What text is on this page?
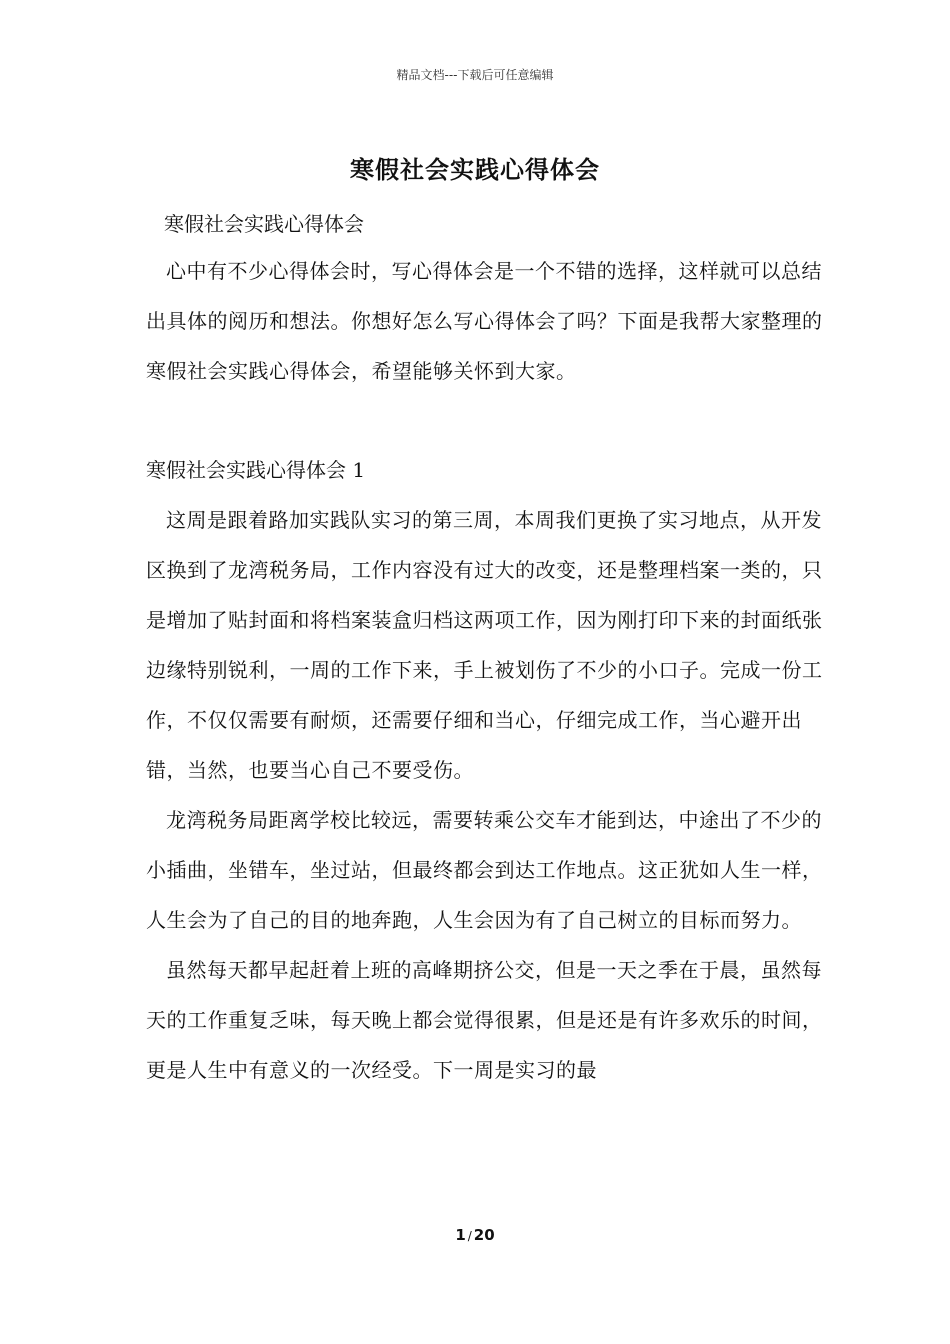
精品文档---下载后可任意编辑
寒假社会实践心得体会
寒假社会实践心得体会

心中有不少心得体会时，写心得体会是一个不错的选择，这样就可以总结出具体的阅历和想法。你想好怎么写心得体会了吗？下面是我帮大家整理的寒假社会实践心得体会，希望能够关怀到大家。

寒假社会实践心得体会 1

这周是跟着路加实践队实习的第三周，本周我们更换了实习地点，从开发区换到了龙湾税务局，工作内容没有过大的改变，还是整理档案一类的，只是增加了贴封面和将档案装盒归档这两项工作，因为刚打印下来的封面纸张边缘特别锐利，一周的工作下来，手上被划伤了不少的小口子。完成一份工作，不仅仅需要有耐烦，还需要仔细和当心，仔细完成工作，当心避开出错，当然，也要当心自己不要受伤。

龙湾税务局距离学校比较远，需要转乘公交车才能到达，中途出了不少的小插曲，坐错车，坐过站，但最终都会到达工作地点。这正犹如人生一样，人生会为了自己的目的地奔跑，人生会因为有了自己树立的目标而努力。

虽然每天都早起赶着上班的高峰期挤公交，但是一天之季在于晨，虽然每天的工作重复乏味，每天晚上都会觉得很累，但是还是有许多欢乐的时间，更是人生中有意义的一次经受。下一周是实习的最

1 / 20
